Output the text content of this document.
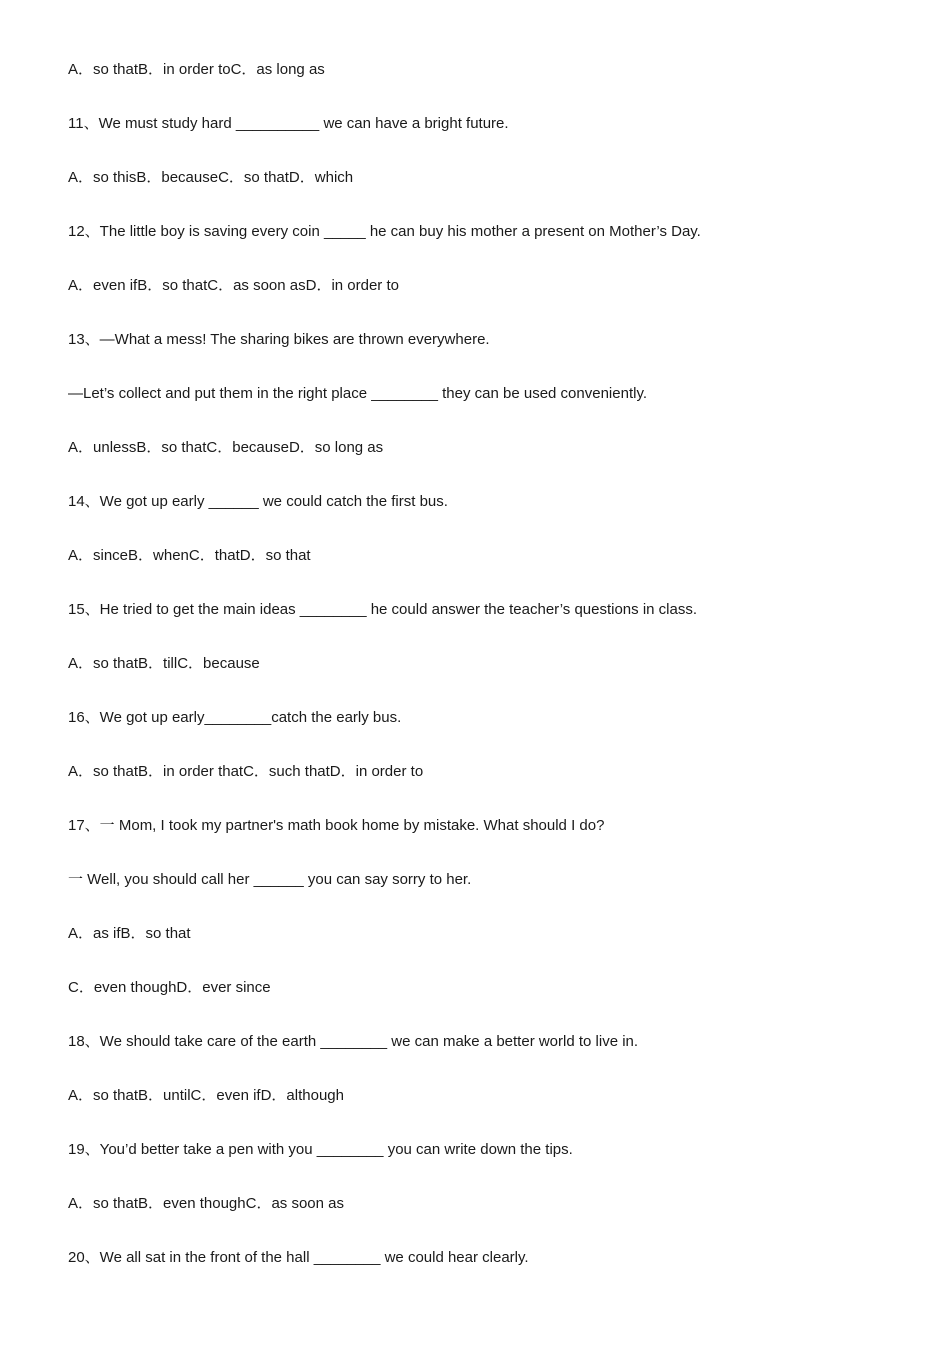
A．so thatB．in order toC．as long as
11、We must study hard __________ we can have a bright future.
A．so thisB．becauseC．so thatD．which
12、The little boy is saving every coin _____ he can buy his mother a present on Mother’s Day.
A．even ifB．so thatC．as soon asD．in order to
13、—What a mess! The sharing bikes are thrown everywhere.
—Let’s collect and put them in the right place ________ they can be used conveniently.
A．unlessB．so thatC．becauseD．so long as
14、We got up early ______ we could catch the first bus.
A．sinceB．whenC．thatD．so that
15、He tried to get the main ideas ________ he could answer the teacher’s questions in class.
A．so thatB．tillC．because
16、We got up early________catch the early bus.
A．so thatB．in order thatC．such thatD．in order to
17、一 Mom, I took my partner's math book home by mistake. What should I do?
一 Well, you should call her ______ you can say sorry to her.
A．as ifB．so that
C．even thoughD．ever since
18、We should take care of the earth ________ we can make a better world to live in.
A．so thatB．untilC．even ifD．although
19、You’d better take a pen with you ________ you can write down the tips.
A．so thatB．even thoughC．as soon as
20、We all sat in the front of the hall ________ we could hear clearly.
